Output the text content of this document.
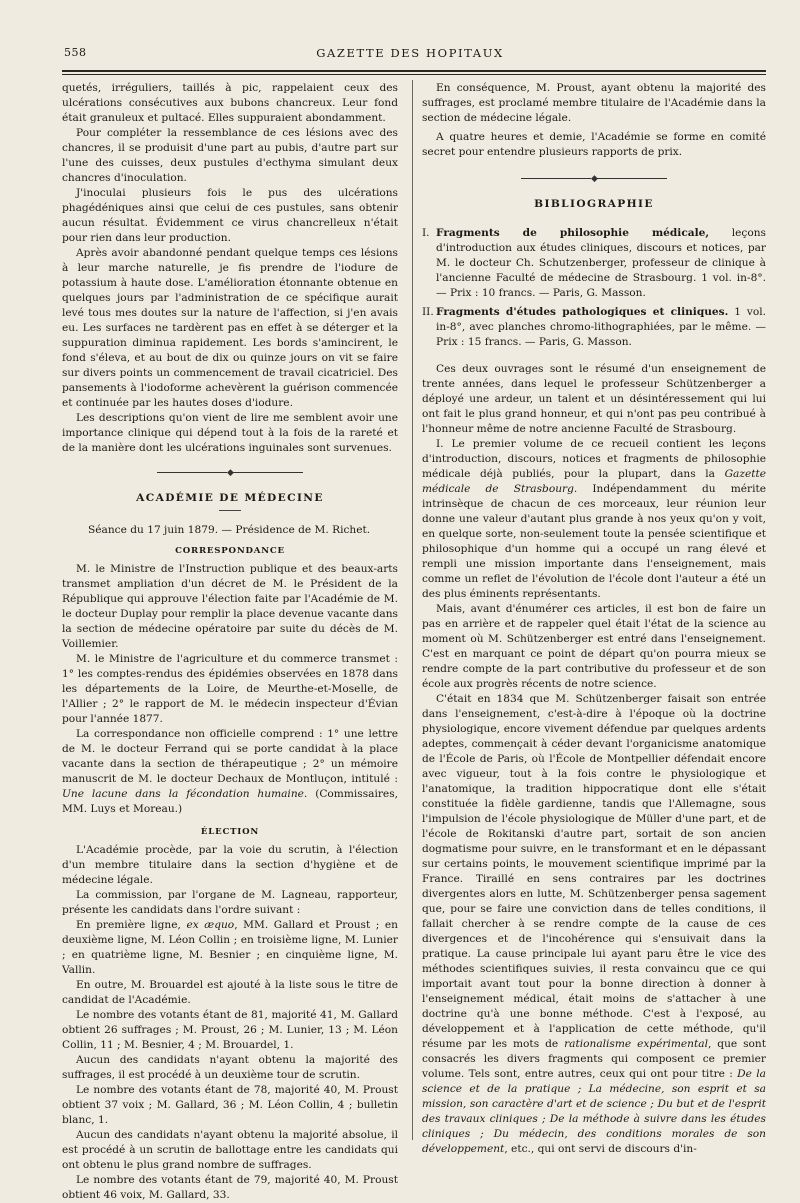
558	GAZETTE DES HOPITAUX

quetés, irréguliers, taillés à pic, rappelaient ceux des ulcérations consécutives aux bubons chancreux. Leur fond était granuleux et pultacé. Elles suppuraient abondamment.

Pour compléter la ressemblance de ces lésions avec des chancres, il se produisit d'une part au pubis, d'autre part sur l'une des cuisses, deux pustules d'ecthyma simulant deux chancres d'inoculation.

J'inoculai plusieurs fois le pus des ulcérations phagédéniques ainsi que celui de ces pustules, sans obtenir aucun résultat. Évidemment ce virus chancrelleux n'était pour rien dans leur production.

Après avoir abandonné pendant quelque temps ces lésions à leur marche naturelle, je fis prendre de l'iodure de potassium à haute dose. L'amélioration étonnante obtenue en quelques jours par l'administration de ce spécifique aurait levé tous mes doutes sur la nature de l'affection, si j'en avais eu. Les surfaces ne tardèrent pas en effet à se déterger et la suppuration diminua rapidement. Les bords s'amincirent, le fond s'éleva, et au bout de dix ou quinze jours on vit se faire sur divers points un commencement de travail cicatriciel. Des pansements à l'iodoforme achevèrent la guérison commencée et continuée par les hautes doses d'iodure.

Les descriptions qu'on vient de lire me semblent avoir une importance clinique qui dépend tout à la fois de la rareté et de la manière dont les ulcérations inguinales sont survenues.

◆
ACADÉMIE DE MÉDECINE

Séance du 17 juin 1879. — Présidence de M. Richet.

CORRESPONDANCE

M. le Ministre de l'Instruction publique et des beaux-arts transmet ampliation d'un décret de M. le Président de la République qui approuve l'élection faite par l'Académie de M. le docteur Duplay pour remplir la place devenue vacante dans la section de médecine opératoire par suite du décès de M. Voillemier.

M. le Ministre de l'agriculture et du commerce transmet : 1° les comptes-rendus des épidémies observées en 1878 dans les départements de la Loire, de Meurthe-et-Moselle, de l'Allier ; 2° le rapport de M. le médecin inspecteur d'Évian pour l'année 1877.

La correspondance non officielle comprend : 1° une lettre de M. le docteur Ferrand qui se porte candidat à la place vacante dans la section de thérapeutique ; 2° un mémoire manuscrit de M. le docteur Dechaux de Montluçon, intitulé : Une lacune dans la fécondation humaine. (Commissaires, MM. Luys et Moreau.)

ÉLECTION

L'Académie procède, par la voie du scrutin, à l'élection d'un membre titulaire dans la section d'hygiène et de médecine légale.

La commission, par l'organe de M. Lagneau, rapporteur, présente les candidats dans l'ordre suivant :

En première ligne, ex æquo, MM. Gallard et Proust ; en deuxième ligne, M. Léon Collin ; en troisième ligne, M. Lunier ; en quatrième ligne, M. Besnier ; en cinquième ligne, M. Vallin.

En outre, M. Brouardel est ajouté à la liste sous le titre de candidat de l'Académie.

Le nombre des votants étant de 81, majorité 41, M. Gallard obtient 26 suffrages ; M. Proust, 26 ; M. Lunier, 13 ; M. Léon Collin, 11 ; M. Besnier, 4 ; M. Brouardel, 1.

Aucun des candidats n'ayant obtenu la majorité des suffrages, il est procédé à un deuxième tour de scrutin.

Le nombre des votants étant de 78, majorité 40, M. Proust obtient 37 voix ; M. Gallard, 36 ; M. Léon Collin, 4 ; bulletin blanc, 1.

Aucun des candidats n'ayant obtenu la majorité absolue, il est procédé à un scrutin de ballottage entre les candidats qui ont obtenu le plus grand nombre de suffrages.

Le nombre des votants étant de 79, majorité 40, M. Proust obtient 46 voix, M. Gallard, 33.

En conséquence, M. Proust, ayant obtenu la majorité des suffrages, est proclamé membre titulaire de l'Académie dans la section de médecine légale.

A quatre heures et demie, l'Académie se forme en comité secret pour entendre plusieurs rapports de prix.

◆
BIBLIOGRAPHIE

I. Fragments de philosophie médicale, leçons d'introduction aux études cliniques, discours et notices, par M. le docteur Ch. Schutzenberger, professeur de clinique à l'ancienne Faculté de médecine de Strasbourg. 1 vol. in-8°. — Prix : 10 francs. — Paris, G. Masson.

II. Fragments d'études pathologiques et cliniques. 1 vol. in-8°, avec planches chromo-lithographiées, par le même. — Prix : 15 francs. — Paris, G. Masson.

Ces deux ouvrages sont le résumé d'un enseignement de trente années, dans lequel le professeur Schützenberger a déployé une ardeur, un talent et un désintéressement qui lui ont fait le plus grand honneur, et qui n'ont pas peu contribué à l'honneur même de notre ancienne Faculté de Strasbourg.

I. Le premier volume de ce recueil contient les leçons d'introduction, discours, notices et fragments de philosophie médicale déjà publiés, pour la plupart, dans la Gazette médicale de Strasbourg. Indépendamment du mérite intrinsèque de chacun de ces morceaux, leur réunion leur donne une valeur d'autant plus grande à nos yeux qu'on y voit, en quelque sorte, non-seulement toute la pensée scientifique et philosophique d'un homme qui a occupé un rang élevé et rempli une mission importante dans l'enseignement, mais comme un reflet de l'évolution de l'école dont l'auteur a été un des plus éminents représentants.

Mais, avant d'énumérer ces articles, il est bon de faire un pas en arrière et de rappeler quel était l'état de la science au moment où M. Schützenberger est entré dans l'enseignement. C'est en marquant ce point de départ qu'on pourra mieux se rendre compte de la part contributive du professeur et de son école aux progrès récents de notre science.

C'était en 1834 que M. Schützenberger faisait son entrée dans l'enseignement, c'est-à-dire à l'époque où la doctrine physiologique, encore vivement défendue par quelques ardents adeptes, commençait à céder devant l'organicisme anatomique de l'École de Paris, où l'École de Montpellier défendait encore avec vigueur, tout à la fois contre le physiologique et l'anatomique, la tradition hippocratique dont elle s'était constituée la fidèle gardienne, tandis que l'Allemagne, sous l'impulsion de l'école physiologique de Müller d'une part, et de l'école de Rokitanski d'autre part, sortait de son ancien dogmatisme pour suivre, en le transformant et en le dépassant sur certains points, le mouvement scientifique imprimé par la France. Tiraillé en sens contraires par les doctrines divergentes alors en lutte, M. Schützenberger pensa sagement que, pour se faire une conviction dans de telles conditions, il fallait chercher à se rendre compte de la cause de ces divergences et de l'incohérence qui s'ensuivait dans la pratique. La cause principale lui ayant paru être le vice des méthodes scientifiques suivies, il resta convaincu que ce qui importait avant tout pour la bonne direction à donner à l'enseignement médical, était moins de s'attacher à une doctrine qu'à une bonne méthode. C'est à l'exposé, au développement et à l'application de cette méthode, qu'il résume par les mots de rationalisme expérimental, que sont consacrés les divers fragments qui composent ce premier volume. Tels sont, entre autres, ceux qui ont pour titre : De la science et de la pratique ; La médecine, son esprit et sa mission, son caractère d'art et de science ; Du but et de l'esprit des travaux cliniques ; De la méthode à suivre dans les études cliniques ; Du médecin, des conditions morales de son développement, etc., qui ont servi de discours d'in-
